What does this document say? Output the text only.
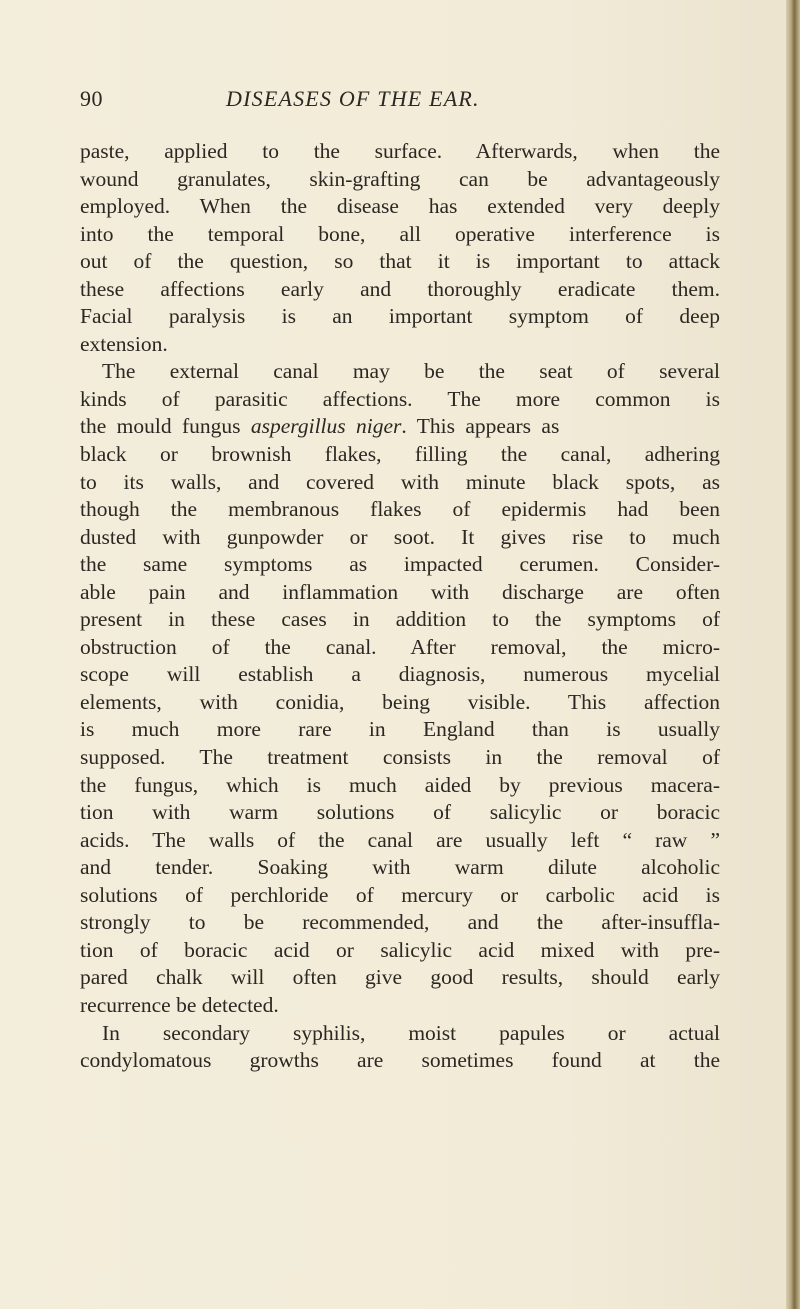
90	DISEASES OF THE EAR.
paste, applied to the surface. Afterwards, when the
wound granulates, skin-grafting can be advantageously
employed. When the disease has extended very deeply
into the temporal bone, all operative interference is
out of the question, so that it is important to attack
these affections early and thoroughly eradicate them.
Facial paralysis is an important symptom of deep
extension.
The external canal may be the seat of several
kinds of parasitic affections. The more common is
the mould fungus aspergillus niger. This appears as
black or brownish flakes, filling the canal, adhering
to its walls, and covered with minute black spots, as
though the membranous flakes of epidermis had been
dusted with gunpowder or soot. It gives rise to much
the same symptoms as impacted cerumen. Consider-
able pain and inflammation with discharge are often
present in these cases in addition to the symptoms of
obstruction of the canal. After removal, the micro-
scope will establish a diagnosis, numerous mycelial
elements, with conidia, being visible. This affection
is much more rare in England than is usually
supposed. The treatment consists in the removal of
the fungus, which is much aided by previous macera-
tion with warm solutions of salicylic or boracic
acids. The walls of the canal are usually left “ raw ”
and tender. Soaking with warm dilute alcoholic
solutions of perchloride of mercury or carbolic acid is
strongly to be recommended, and the after-insuffla-
tion of boracic acid or salicylic acid mixed with pre-
pared chalk will often give good results, should early
recurrence be detected.
In secondary syphilis, moist papules or actual
condylomatous growths are sometimes found at the
